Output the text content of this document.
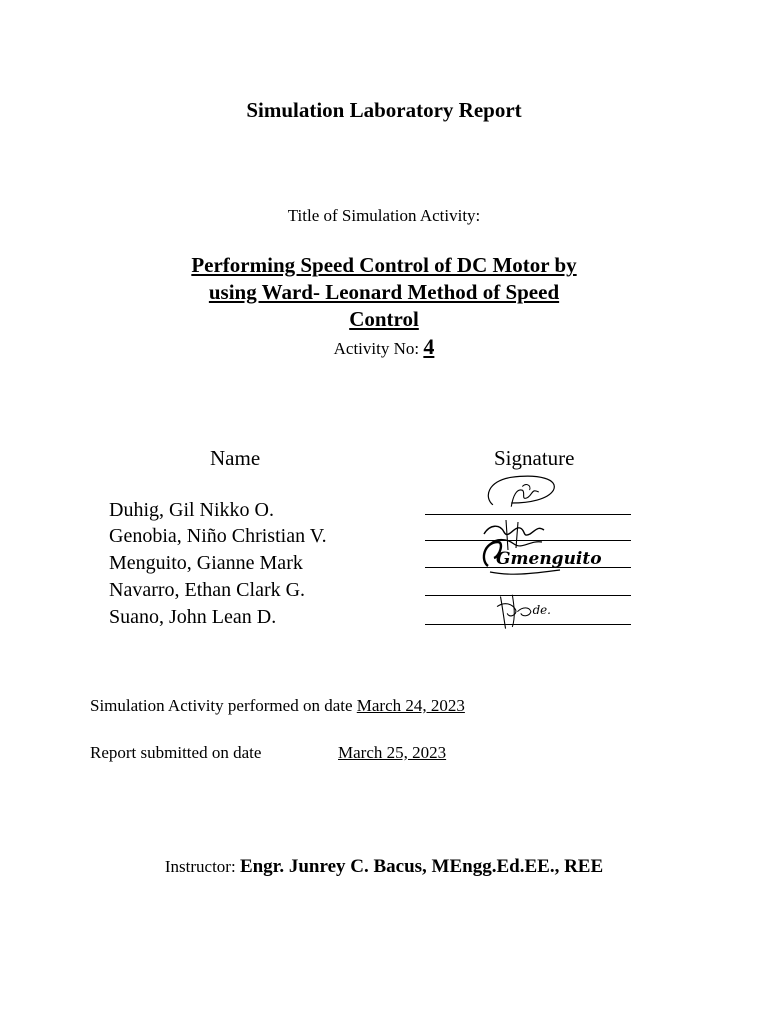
Simulation Laboratory Report
Title of Simulation Activity:
Performing Speed Control of DC Motor by
using Ward- Leonard Method of Speed
Control
Activity No: 4
Name	Signature
Duhig, Gil Nikko O.
Genobia, Niño Christian V.
Menguito, Gianne Mark
Navarro, Ethan Clark G.
Suano, John Lean D.
Gmenguito
de.
Simulation Activity performed on date March 24, 2023
Report submitted on date	March 25, 2023
Instructor: Engr. Junrey C. Bacus, MEngg.Ed.EE., REE
